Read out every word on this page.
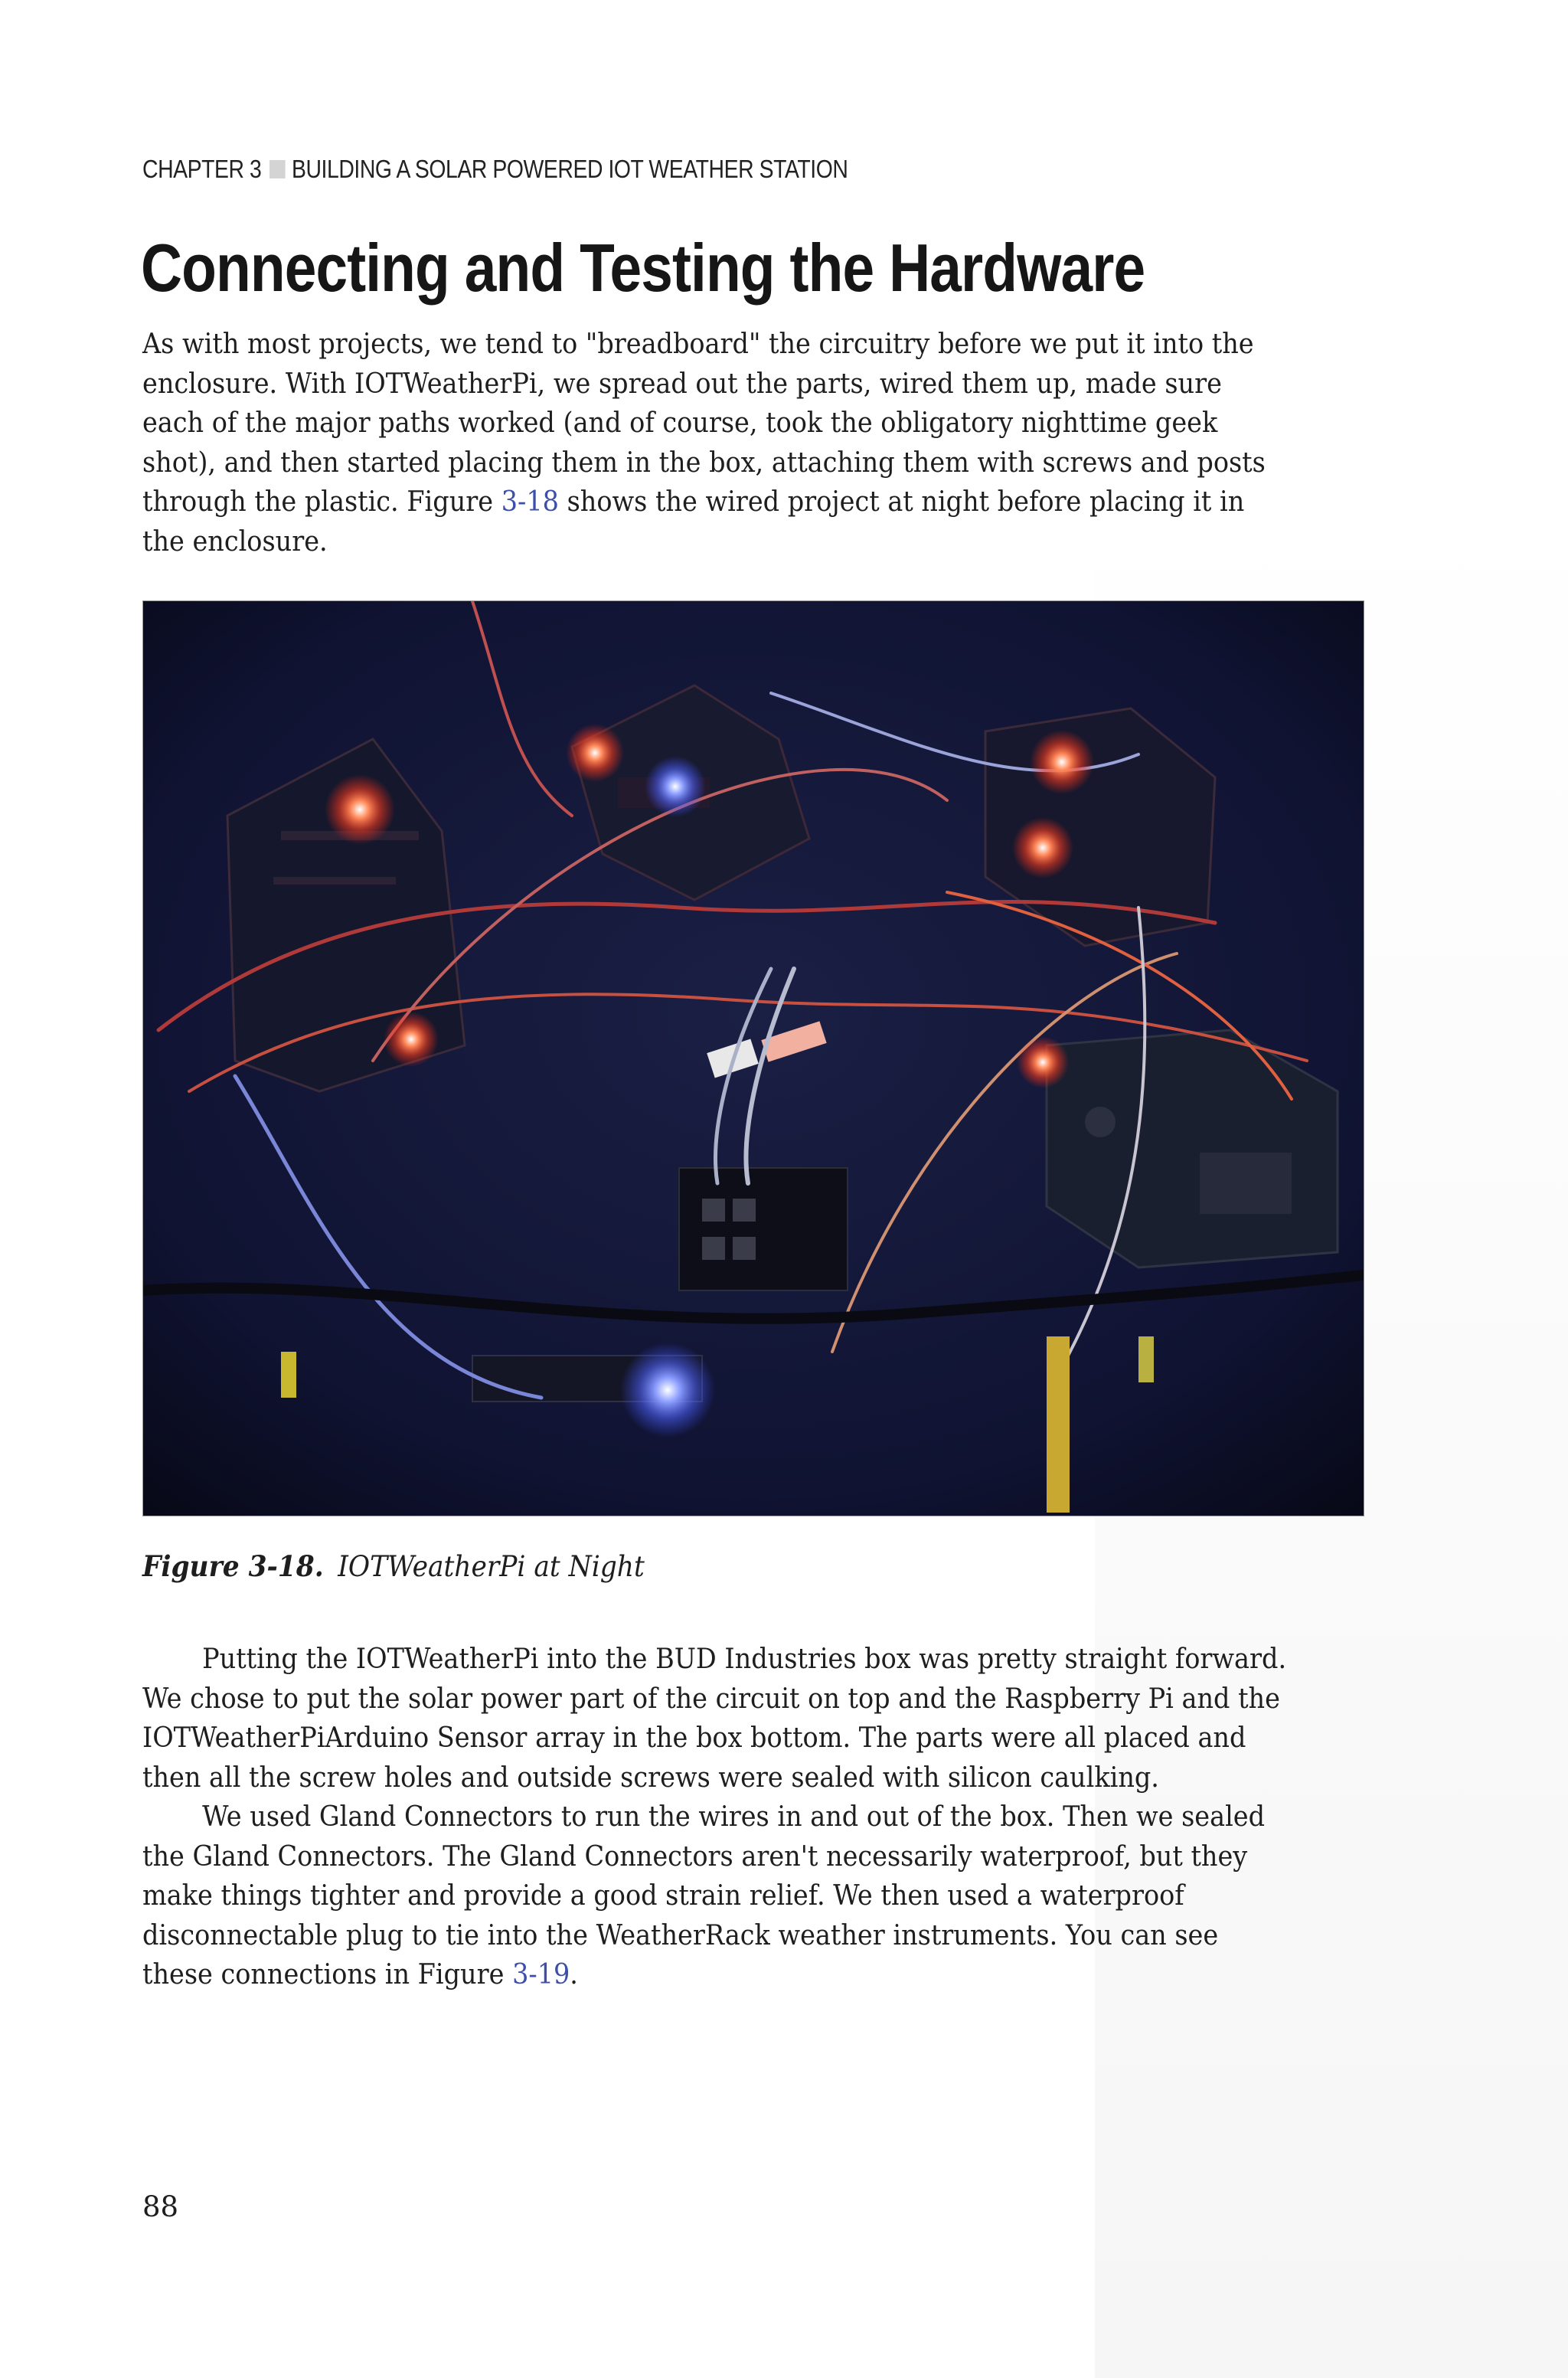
CHAPTER 3 BUILDING A SOLAR POWERED IOT WEATHER STATION
Connecting and Testing the Hardware

As with most projects, we tend to "breadboard" the circuitry before we put it into the enclosure. With IOTWeatherPi, we spread out the parts, wired them up, made sure each of the major paths worked (and of course, took the obligatory nighttime geek shot), and then started placing them in the box, attaching them with screws and posts through the plastic. Figure 3-18 shows the wired project at night before placing it in the enclosure.

Figure 3-18. IOTWeatherPi at Night

Putting the IOTWeatherPi into the BUD Industries box was pretty straight forward. We chose to put the solar power part of the circuit on top and the Raspberry Pi and the IOTWeatherPiArduino Sensor array in the box bottom. The parts were all placed and then all the screw holes and outside screws were sealed with silicon caulking.

We used Gland Connectors to run the wires in and out of the box. Then we sealed the Gland Connectors. The Gland Connectors aren't necessarily waterproof, but they make things tighter and provide a good strain relief. We then used a waterproof disconnectable plug to tie into the WeatherRack weather instruments. You can see these connections in Figure 3-19.

88
